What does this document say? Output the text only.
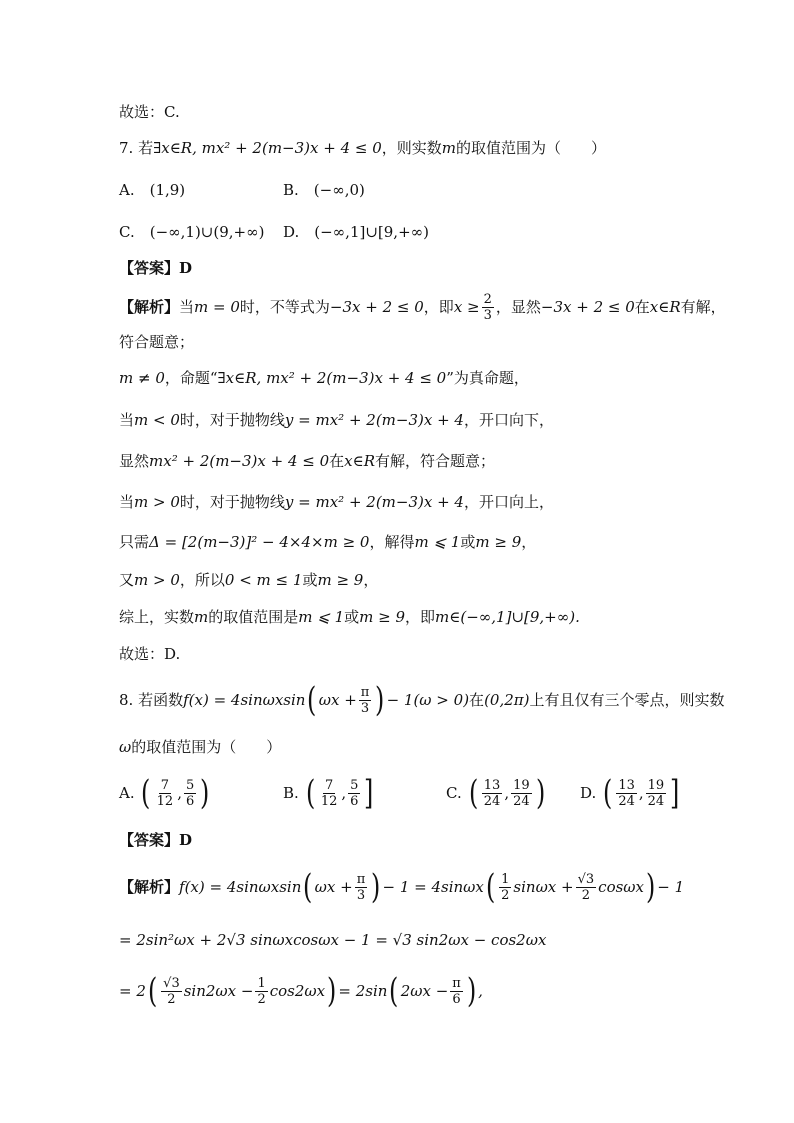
故选：C.
7. 若 ∃x∈R, mx² + 2(m−3)x + 4 ≤ 0 ，则实数 m 的取值范围为（　　）
A.　(1,9)	B.　(−∞,0)
C.　(−∞,1)∪(9,+∞) D.　(−∞,1]∪[9,+∞)
【答案】D
【解析】 当 m = 0 时，不等式为 −3x + 2 ≤ 0 ，即 $x \ge \frac{2}{3}$ ，显然 −3x + 2 ≤ 0 在 x∈R 有解，
符合题意；
m ≠ 0 ，命题“ ∃x∈R, mx² + 2(m−3)x + 4 ≤ 0 ”为真命题，
当 m < 0 时，对于抛物线 y = mx² + 2(m−3)x + 4 ，开口向下，
显然 mx² + 2(m−3)x + 4 ≤ 0 在 x∈R 有解，符合题意；
当 m > 0 时，对于抛物线 y = mx² + 2(m−3)x + 4 ，开口向上，
只需 Δ = [2(m−3)]² − 4×4×m ≥ 0 ，解得 m ⩽ 1 或 m ≥ 9 ，
又 m > 0 ，所以 0 < m ≤ 1 或 m ≥ 9 ，
综上，实数 m 的取值范围是 m ⩽ 1 或 m ≥ 9 ，即 m∈(−∞,1]∪[9,+∞).
故选：D.
8. 若函数 f(x) = 4sinωxsin ( $\omega x + \frac{\pi}{3}$ ) − 1(ω > 0) 在 (0,2π) 上有且仅有三个零点，则实数
ω 的取值范围为（　　）
A.
( $\frac{7}{12}$ , $\frac{5}{6}$ )	B.
( $\frac{7}{12}$ , $\frac{5}{6}$ ]	C.
( $\frac{13}{24}$ , $\frac{19}{24}$ ) D.
( $\frac{13}{24}$ , $\frac{19}{24}$ ]
【答案】D
【解析】 f(x) = 4sinωxsin ( $\omega x + \frac{\pi}{3}$ ) − 1 = 4sinωx ( $\frac{1}{2}$ $\sin\omega x + \frac{√3}{2}$ cosωx ) − 1
= 2sin²ωx + 2√3 sinωxcosωx − 1 = √3 sin2ωx − cos2ωx
= 2 ( $\frac{√3}{2} \sin 2\omega x - \frac{1}{2} \cos 2\omega x$ ) = 2sin ( $2\omega x - \frac{\pi}{6}$ ) ,
